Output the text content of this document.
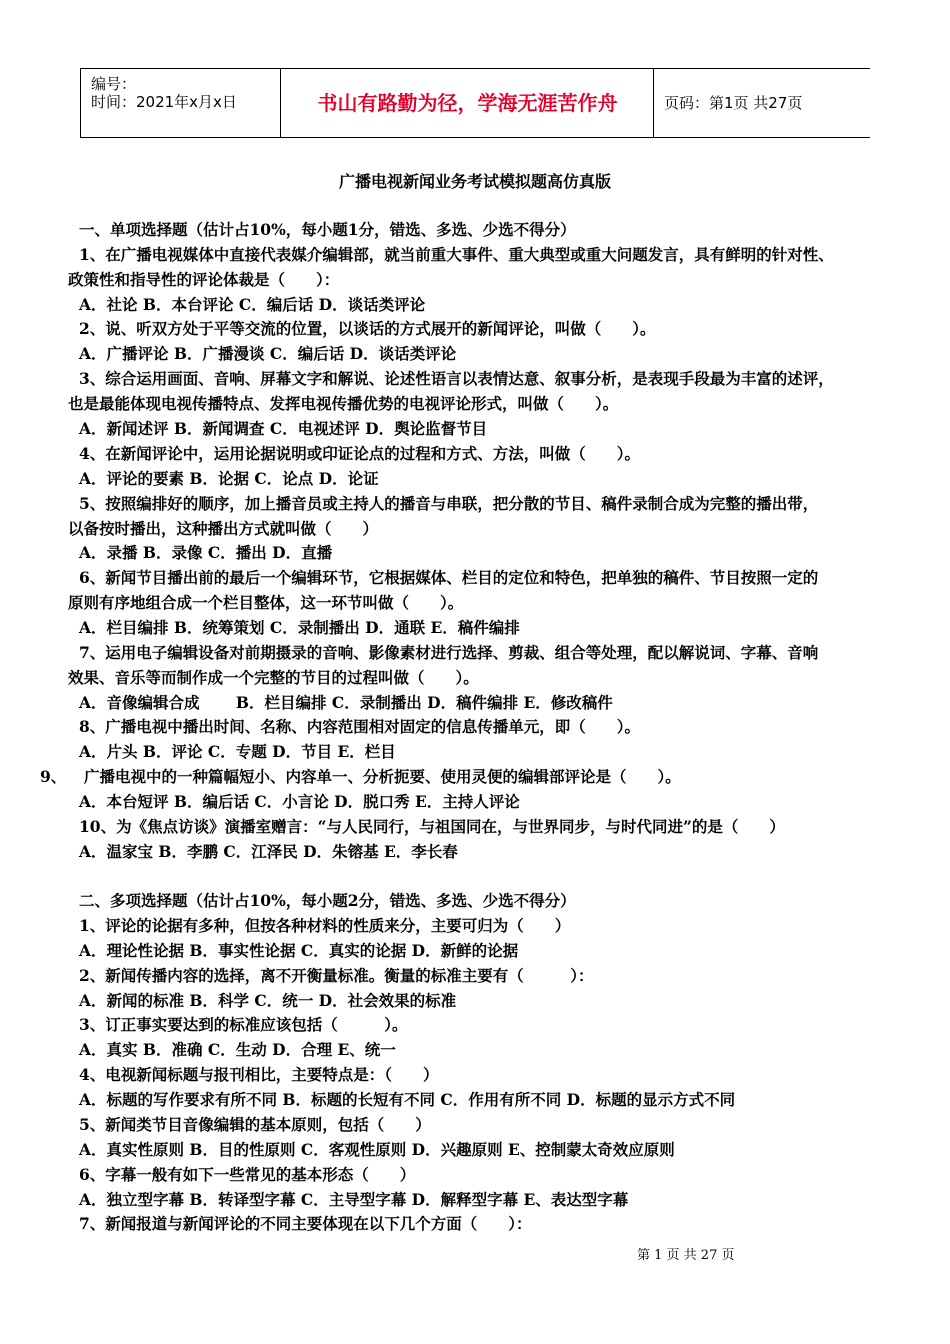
编号：
时间：2021年x月x日	书山有路勤为径，学海无涯苦作舟	页码：第1页 共27页
广播电视新闻业务考试模拟题高仿真版
一、单项选择题（估计占10%，每小题1分，错选、多选、少选不得分）
1、在广播电视媒体中直接代表媒介编辑部，就当前重大事件、重大典型或重大问题发言，具有鲜明的针对性、
政策性和指导性的评论体裁是（　　）：
A．社论 B．本台评论 C．编后话 D．谈话类评论
2、说、听双方处于平等交流的位置，以谈话的方式展开的新闻评论，叫做（　　）。
A．广播评论 B．广播漫谈 C．编后话 D．谈话类评论
3、综合运用画面、音响、屏幕文字和解说、论述性语言以表情达意、叙事分析，是表现手段最为丰富的述评，
也是最能体现电视传播特点、发挥电视传播优势的电视评论形式，叫做（　　）。
A．新闻述评 B．新闻调查 C．电视述评 D．舆论监督节目
4、在新闻评论中，运用论据说明或印证论点的过程和方式、方法，叫做（　　）。
A．评论的要素 B．论据 C．论点 D．论证
5、按照编排好的顺序，加上播音员或主持人的播音与串联，把分散的节目、稿件录制合成为完整的播出带，
以备按时播出，这种播出方式就叫做（　　）
A．录播 B．录像 C．播出 D．直播
6、新闻节目播出前的最后一个编辑环节，它根据媒体、栏目的定位和特色，把单独的稿件、节目按照一定的
原则有序地组合成一个栏目整体，这一环节叫做（　　）。
A．栏目编排 B．统筹策划 C．录制播出 D．通联 E．稿件编排
7、运用电子编辑设备对前期摄录的音响、影像素材进行选择、剪裁、组合等处理，配以解说词、字幕、音响
效果、音乐等而制作成一个完整的节目的过程叫做（　　）。
A．音像编辑合成　　 B．栏目编排 C．录制播出 D．稿件编排 E．修改稿件
8、广播电视中播出时间、名称、内容范围相对固定的信息传播单元，即（　　）。
A．片头 B．评论 C．专题 D．节目 E．栏目
9、 广播电视中的一种篇幅短小、内容单一、分析扼要、使用灵便的编辑部评论是（　　）。
A．本台短评 B．编后话 C．小言论 D．脱口秀 E．主持人评论
10、为《焦点访谈》演播室赠言：“与人民同行，与祖国同在，与世界同步，与时代同进”的是（　　）
A．温家宝 B．李鹏 C．江泽民 D．朱镕基 E．李长春
二、多项选择题（估计占10%，每小题2分，错选、多选、少选不得分）
1、评论的论据有多种，但按各种材料的性质来分，主要可归为（　　）
A．理论性论据 B．事实性论据 C．真实的论据 D．新鲜的论据
2、新闻传播内容的选择，离不开衡量标准。衡量的标准主要有（　　　）：
A．新闻的标准 B．科学 C．统一 D．社会效果的标准
3、订正事实要达到的标准应该包括（　　　）。
A．真实 B．准确 C．生动 D．合理 E、统一
4、电视新闻标题与报刊相比，主要特点是：（　　）
A．标题的写作要求有所不同 B．标题的长短有不同 C．作用有所不同 D．标题的显示方式不同
5、新闻类节目音像编辑的基本原则，包括（　　）
A．真实性原则 B．目的性原则 C．客观性原则 D．兴趣原则 E、控制蒙太奇效应原则
6、字幕一般有如下一些常见的基本形态（　　）
A．独立型字幕 B．转译型字幕 C．主导型字幕 D．解释型字幕 E、表达型字幕
7、新闻报道与新闻评论的不同主要体现在以下几个方面（　　）：
第 1 页 共 27 页
